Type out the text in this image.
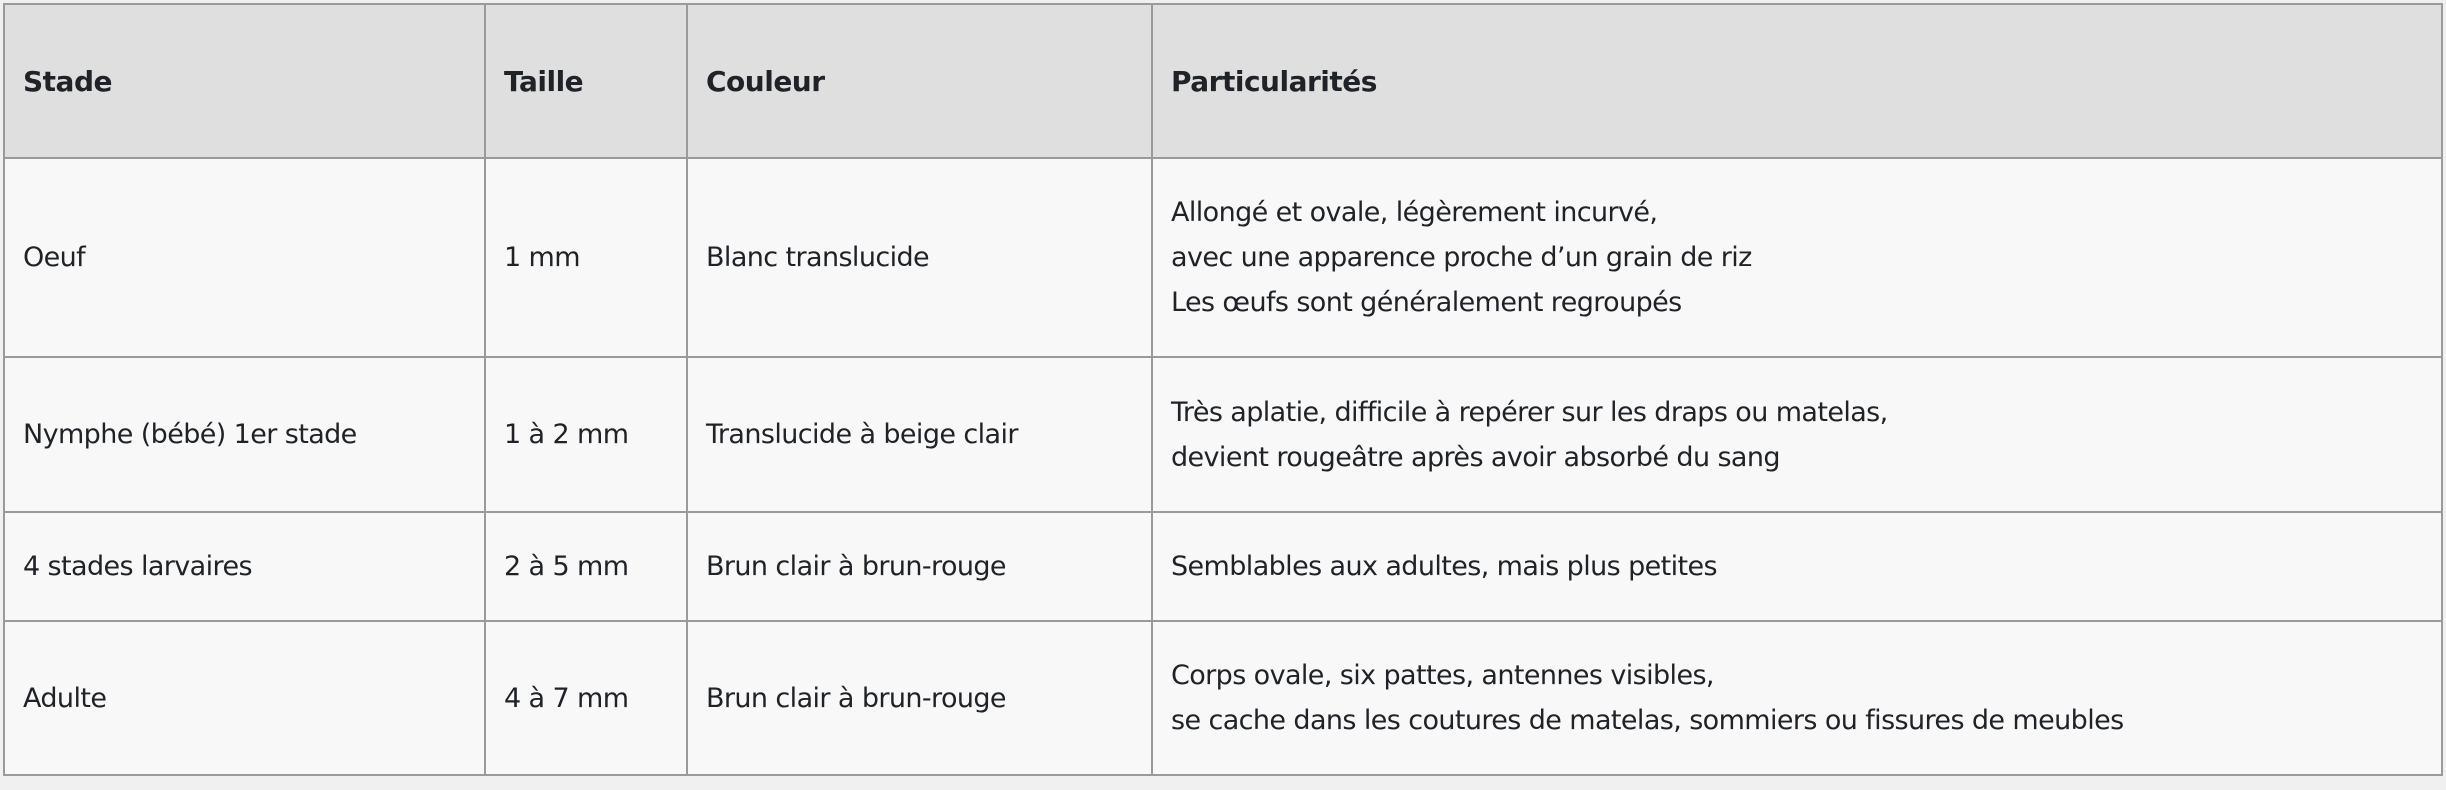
Stade	Taille	Couleur	Particularités
Oeuf	1 mm	Blanc translucide	Allongé et ovale, légèrement incurvé,
avec une apparence proche d’un grain de riz
Les œufs sont généralement regroupés

Nymphe (bébé) 1er stade	1 à 2 mm	Translucide à beige clair	Très aplatie, difficile à repérer sur les draps ou matelas,
devient rougeâtre après avoir absorbé du sang

4 stades larvaires	2 à 5 mm	Brun clair à brun-rouge	Semblables aux adultes, mais plus petites

Adulte	4 à 7 mm	Brun clair à brun-rouge	Corps ovale, six pattes, antennes visibles,
se cache dans les coutures de matelas, sommiers ou fissures de meubles
